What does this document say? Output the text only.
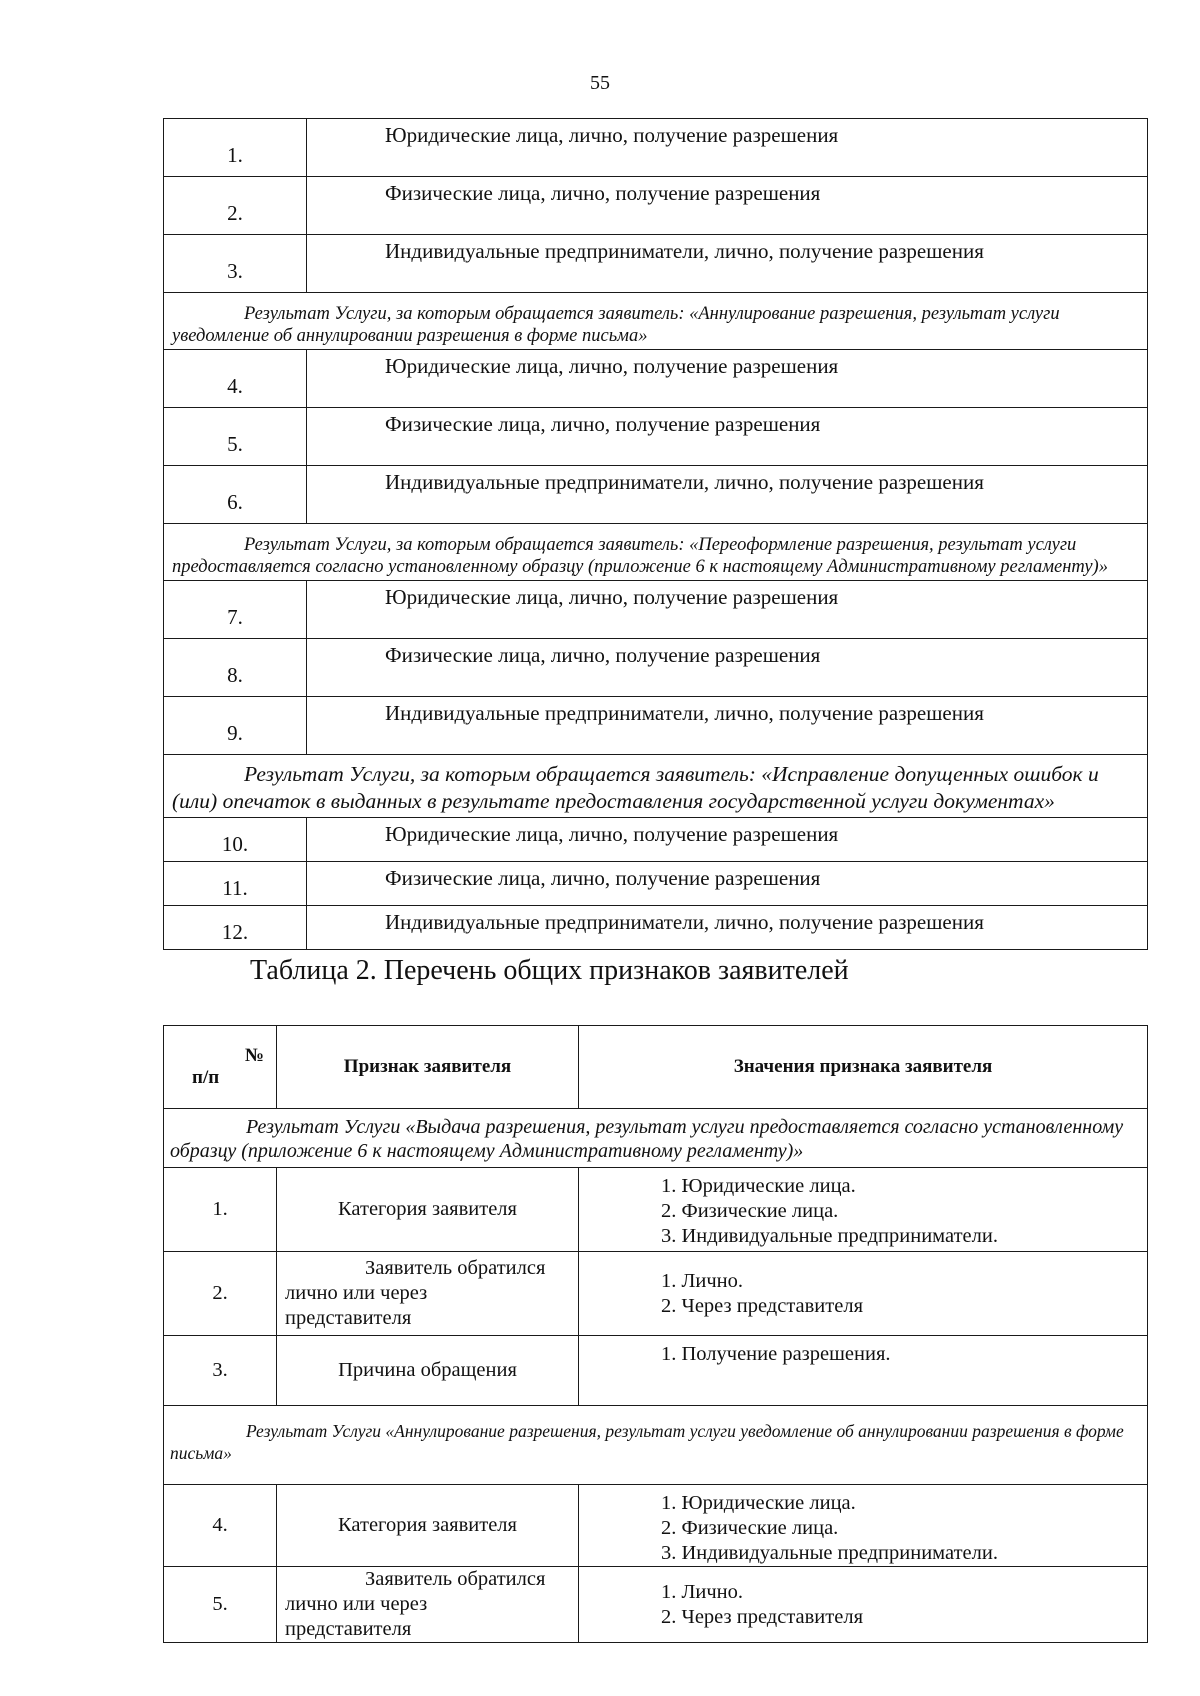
55
1.	Юридические лица, лично, получение разрешения
2.	Физические лица, лично, получение разрешения
3.	Индивидуальные предприниматели, лично, получение разрешения
Результат Услуги, за которым обращается заявитель: «Аннулирование разрешения, результат услуги уведомление об аннулировании разрешения в форме письма»	
4.	Юридические лица, лично, получение разрешения
5.	Физические лица, лично, получение разрешения
6.	Индивидуальные предприниматели, лично, получение разрешения
Результат Услуги, за которым обращается заявитель: «Переоформление разрешения, результат услуги предоставляется согласно установленному образцу (приложение 6 к настоящему Административному регламенту)»	
7.	Юридические лица, лично, получение разрешения
8.	Физические лица, лично, получение разрешения
9.	Индивидуальные предприниматели, лично, получение разрешения
Результат Услуги, за которым обращается заявитель: «Исправление допущенных ошибок и (или) опечаток в выданных в результате предоставления государственной услуги документах»	
10.	Юридические лица, лично, получение разрешения
11.	Физические лица, лично, получение разрешения
12.	Индивидуальные предприниматели, лично, получение разрешения
Таблица 2. Перечень общих признаков заявителей
№
п/п	Признак заявителя	Значения признака заявителя
Результат Услуги «Выдача разрешения, результат услуги предоставляется согласно установленному образцу (приложение 6 к настоящему Административному регламенту)»		
1.	Категория заявителя	1. Юридические лица.
2. Физические лица.
3. Индивидуальные предприниматели.

2.	Заявитель обратился
лично или через
представителя	1. Лично.
2. Через представителя

3.	Причина обращения	1. Получение разрешения.

Результат Услуги «Аннулирование разрешения, результат услуги уведомление об аннулировании разрешения в форме письма»		
4.	Категория заявителя	1. Юридические лица.
2. Физические лица.
3. Индивидуальные предприниматели.

5.	Заявитель обратился
лично или через
представителя	1. Лично.
2. Через представителя
